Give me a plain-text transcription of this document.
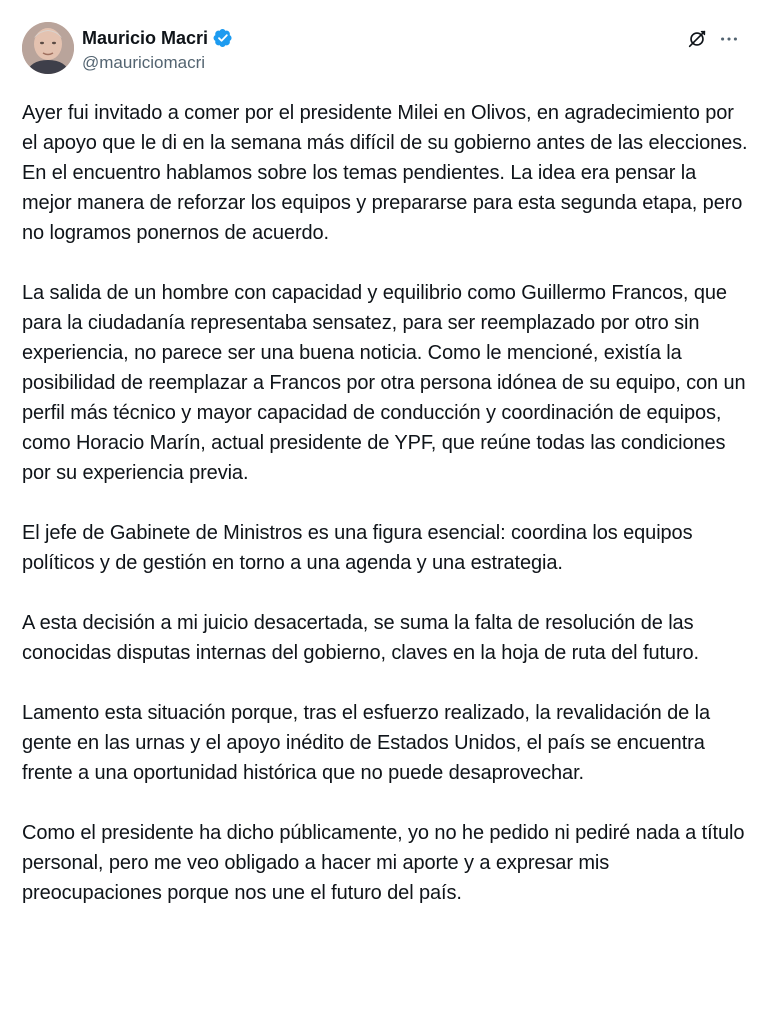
Mauricio Macri
@mauriciomacri

Ayer fui invitado a comer por el presidente Milei en Olivos, en agradecimiento por el apoyo que le di en la semana más difícil de su gobierno antes de las elecciones. En el encuentro hablamos sobre los temas pendientes. La idea era pensar la mejor manera de reforzar los equipos y prepararse para esta segunda etapa, pero no logramos ponernos de acuerdo.

La salida de un hombre con capacidad y equilibrio como Guillermo Francos, que para la ciudadanía representaba sensatez, para ser reemplazado por otro sin experiencia, no parece ser una buena noticia. Como le mencioné, existía la posibilidad de reemplazar a Francos por otra persona idónea de su equipo, con un perfil más técnico y mayor capacidad de conducción y coordinación de equipos, como Horacio Marín, actual presidente de YPF, que reúne todas las condiciones por su experiencia previa.

El jefe de Gabinete de Ministros es una figura esencial: coordina los equipos políticos y de gestión en torno a una agenda y una estrategia.

A esta decisión a mi juicio desacertada, se suma la falta de resolución de las conocidas disputas internas del gobierno, claves en la hoja de ruta del futuro.

Lamento esta situación porque, tras el esfuerzo realizado, la revalidación de la gente en las urnas y el apoyo inédito de Estados Unidos, el país se encuentra frente a una oportunidad histórica que no puede desaprovechar.

Como el presidente ha dicho públicamente, yo no he pedido ni pediré nada a título personal, pero me veo obligado a hacer mi aporte y a expresar mis preocupaciones porque nos une el futuro del país.
